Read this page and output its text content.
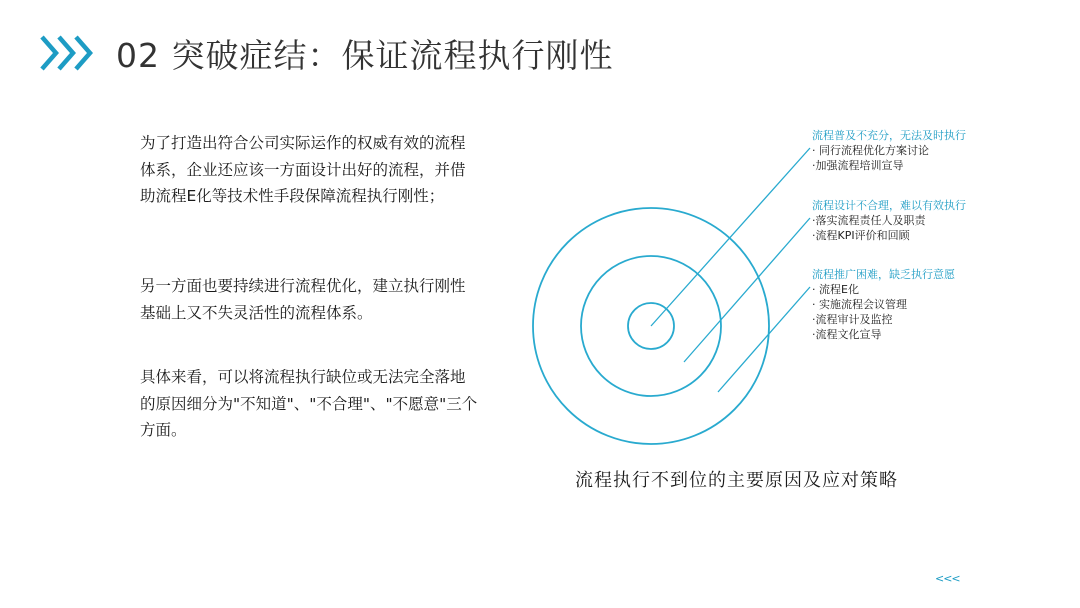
02 突破症结：保证流程执行刚性

为了打造出符合公司实际运作的权威有效的流程体系，企业还应该一方面设计出好的流程，并借助流程E化等技术性手段保障流程执行刚性；

另一方面也要持续进行流程优化，建立执行刚性基础上又不失灵活性的流程体系。

具体来看，可以将流程执行缺位或无法完全落地的原因细分为"不知道"、"不合理"、"不愿意"三个方面。

流程普及不充分，无法及时执行
· 同行流程优化方案讨论
·加强流程培训宣导
流程设计不合理，难以有效执行
·落实流程责任人及职责
·流程KPI评价和回顾
流程推广困难，缺乏执行意愿
· 流程E化
· 实施流程会议管理
·流程审计及监控
·流程文化宣导
流程执行不到位的主要原因及应对策略
<<<
